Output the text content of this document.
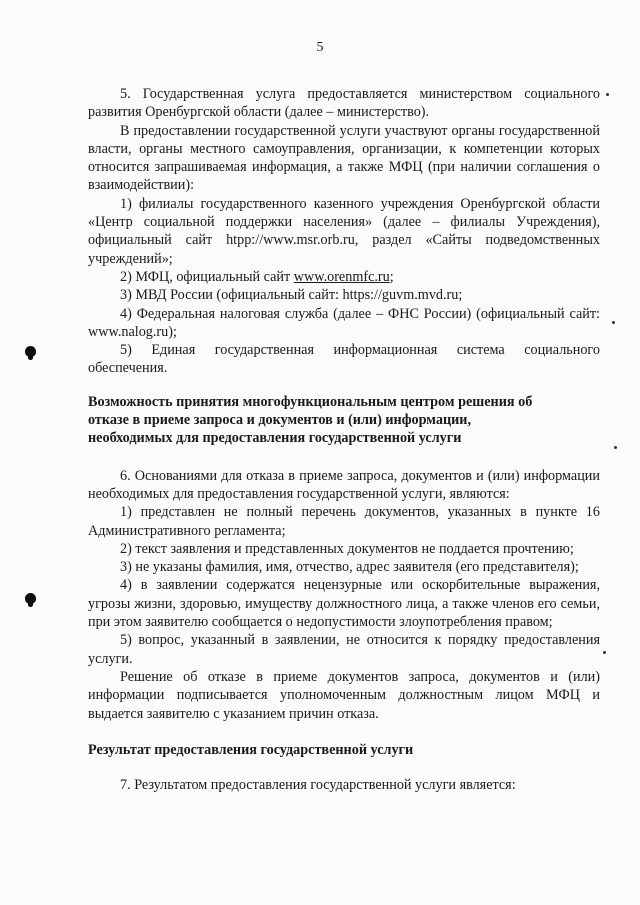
5

5. Государственная услуга предоставляется министерством социального развития Оренбургской области (далее – министерство).

В предоставлении государственной услуги участвуют органы государственной власти, органы местного самоуправления, организации, к компетенции которых относится запрашиваемая информация, а также МФЦ (при наличии соглашения о взаимодействии):

1) филиалы государственного казенного учреждения Оренбургской области «Центр социальной поддержки населения» (далее – филиалы Учреждения), официальный сайт htpp://www.msr.orb.ru, раздел «Сайты подведомственных учреждений»;

2) МФЦ, официальный сайт www.orenmfc.ru;

3) МВД России (официальный сайт: https://guvm.mvd.ru;

4) Федеральная налоговая служба (далее – ФНС России) (официальный сайт: www.nalog.ru);

5) Единая государственная информационная система социального обеспечения.

Возможность принятия многофункциональным центром решения об

отказе в приеме запроса и документов и (или) информации,

необходимых для предоставления государственной услуги

6. Основаниями для отказа в приеме запроса, документов и (или) информации необходимых для предоставления государственной услуги, являются:

1) представлен не полный перечень документов, указанных в пункте 16 Административного регламента;

2) текст заявления и представленных документов не поддается прочтению;

3) не указаны фамилия, имя, отчество, адрес заявителя (его представителя);

4) в заявлении содержатся нецензурные или оскорбительные выражения, угрозы жизни, здоровью, имуществу должностного лица, а также членов его семьи, при этом заявителю сообщается о недопустимости злоупотребления правом;

5) вопрос, указанный в заявлении, не относится к порядку предоставления услуги.

Решение об отказе в приеме документов запроса, документов и (или) информации подписывается уполномоченным должностным лицом МФЦ и выдается заявителю с указанием причин отказа.

Результат предоставления государственной услуги

7. Результатом предоставления государственной услуги является:
